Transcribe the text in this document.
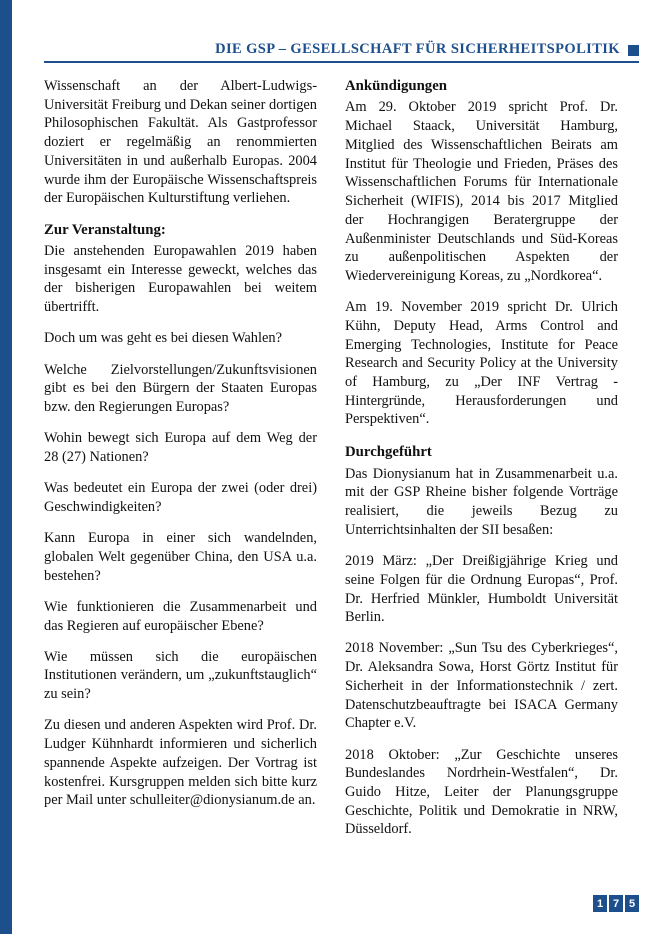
DIE GSP – GESELLSCHAFT FÜR SICHERHEITSPOLITIK

Wissenschaft an der Albert-Ludwigs-Universität Freiburg und Dekan seiner dortigen Philosophischen Fakultät. Als Gastprofessor doziert er regelmäßig an renommierten Universitäten in und außerhalb Europas. 2004 wurde ihm der Europäische Wissenschaftspreis der Europäischen Kulturstiftung verliehen.

Zur Veranstaltung:

Die anstehenden Europawahlen 2019 haben insgesamt ein Interesse geweckt, welches das der bisherigen Europawahlen bei weitem übertrifft.

Doch um was geht es bei diesen Wahlen?

Welche Zielvorstellungen/Zukunftsvisionen gibt es bei den Bürgern der Staaten Europas bzw. den Regierungen Europas?

Wohin bewegt sich Europa auf dem Weg der 28 (27) Nationen?

Was bedeutet ein Europa der zwei (oder drei) Geschwindigkeiten?

Kann Europa in einer sich wandelnden, globalen Welt gegenüber China, den USA u.a. bestehen?

Wie funktionieren die Zusammenarbeit und das Regieren auf europäischer Ebene?

Wie müssen sich die europäischen Institutionen verändern, um „zukunftstauglich“ zu sein?

Zu diesen und anderen Aspekten wird Prof. Dr. Ludger Kühnhardt informieren und sicherlich spannende Aspekte aufzeigen. Der Vortrag ist kostenfrei. Kursgruppen melden sich bitte kurz per Mail unter schulleiter@dionysianum.de an.

Ankündigungen

Am 29. Oktober 2019 spricht Prof. Dr. Michael Staack, Universität Hamburg, Mitglied des Wissenschaftlichen Beirats am Institut für Theologie und Frieden, Präses des Wissenschaftlichen Forums für Internationale Sicherheit (WIFIS), 2014 bis 2017 Mitglied der Hochrangigen Beratergruppe der Außenminister Deutschlands und Süd-Koreas zu außenpolitischen Aspekten der Wiedervereinigung Koreas, zu „Nordkorea“.

Am 19. November 2019 spricht Dr. Ulrich Kühn, Deputy Head, Arms Control and Emerging Technologies, Institute for Peace Research and Security Policy at the University of Hamburg, zu „Der INF Vertrag - Hintergründe, Herausforderungen und Perspektiven“.

Durchgeführt

Das Dionysianum hat in Zusammenarbeit u.a. mit der GSP Rheine bisher folgende Vorträge realisiert, die jeweils Bezug zu Unterrichtsinhalten der SII besaßen:

2019 März: „Der Dreißigjährige Krieg und seine Folgen für die Ordnung Europas“, Prof. Dr. Herfried Münkler, Humboldt Universität Berlin.

2018 November: „Sun Tsu des Cyberkrieges“, Dr. Aleksandra Sowa, Horst Görtz Institut für Sicherheit in der Informationstechnik / zert. Datenschutzbeauftragte bei ISACA Germany Chapter e.V.

2018 Oktober: „Zur Geschichte unseres Bundeslandes Nordrhein-Westfalen“, Dr. Guido Hitze, Leiter der Planungsgruppe Geschichte, Politik und Demokratie in NRW, Düsseldorf.

1 7 5
